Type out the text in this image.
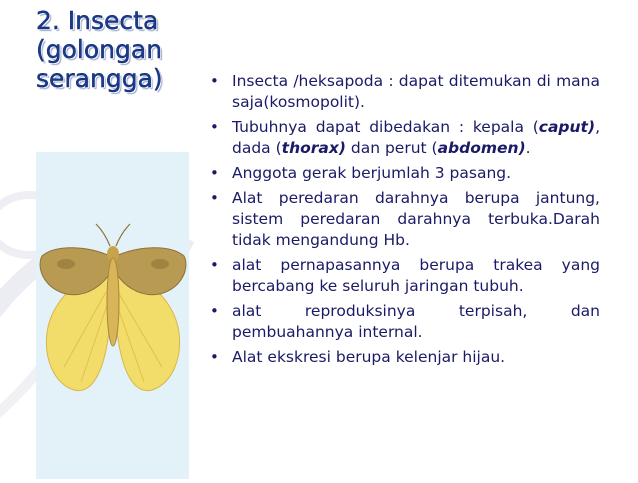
2. Insecta
(golongan
serangga)	• Insecta /heksapoda : dapat ditemukan di mana saja(kosmopolit).
• Tubuhnya dapat dibedakan : kepala (caput), dada (thorax) dan perut (abdomen).
• Anggota gerak berjumlah 3 pasang.
• Alat peredaran darahnya berupa jantung, sistem peredaran darahnya terbuka.Darah tidak mengandung Hb.
• alat pernapasannya berupa trakea yang bercabang ke seluruh jaringan tubuh.
• alat reproduksinya terpisah, dan pembuahannya internal.
• Alat ekskresi berupa kelenjar hijau.
